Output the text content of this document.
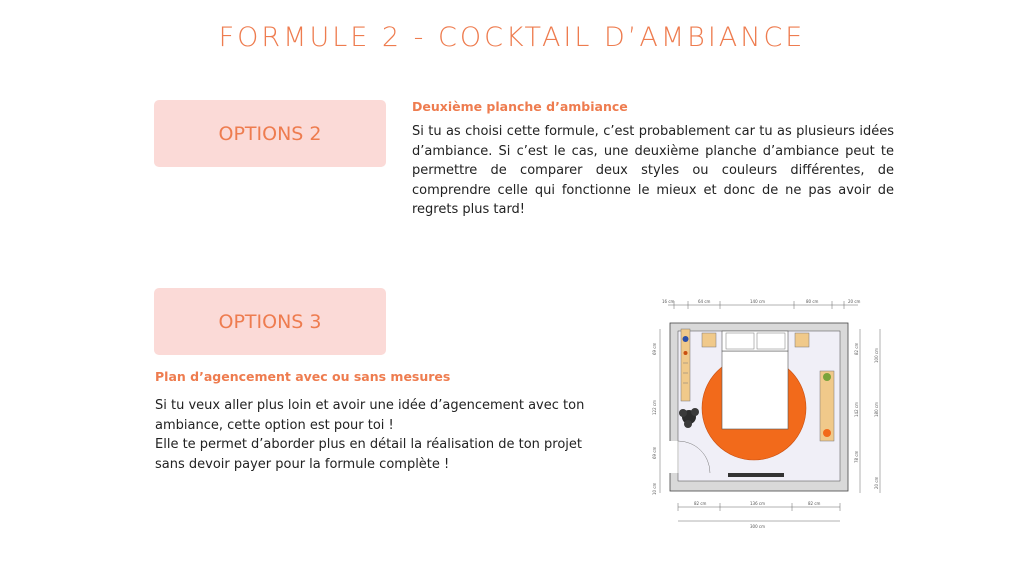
FORMULE 2 - COCKTAIL D’AMBIANCE
OPTIONS 2
Deuxième planche d’ambiance
Si tu as choisi cette formule, c’est probablement car tu as plusieurs idées d’ambiance. Si c’est le cas, une deuxième planche d’ambiance peut te permettre de comparer deux styles ou couleurs différentes, de comprendre celle qui fonctionne le mieux et donc de ne pas avoir de regrets plus tard!
OPTIONS 3
Plan d’agencement avec ou sans mesures
Si tu veux aller plus loin et avoir une idée d’agencement avec ton ambiance, cette option est pour toi !
Elle te permet d’aborder plus en détail la réalisation de ton projet sans devoir payer pour la formule complète !
16 cm	64 cm	140 cm	80 cm	20 cm
82 cm	136 cm	82 cm
300 cm
69 cm
122 cm
69 cm
10 cm
82 cm	100 cm
142 cm	180 cm
78 cm
20 cm
